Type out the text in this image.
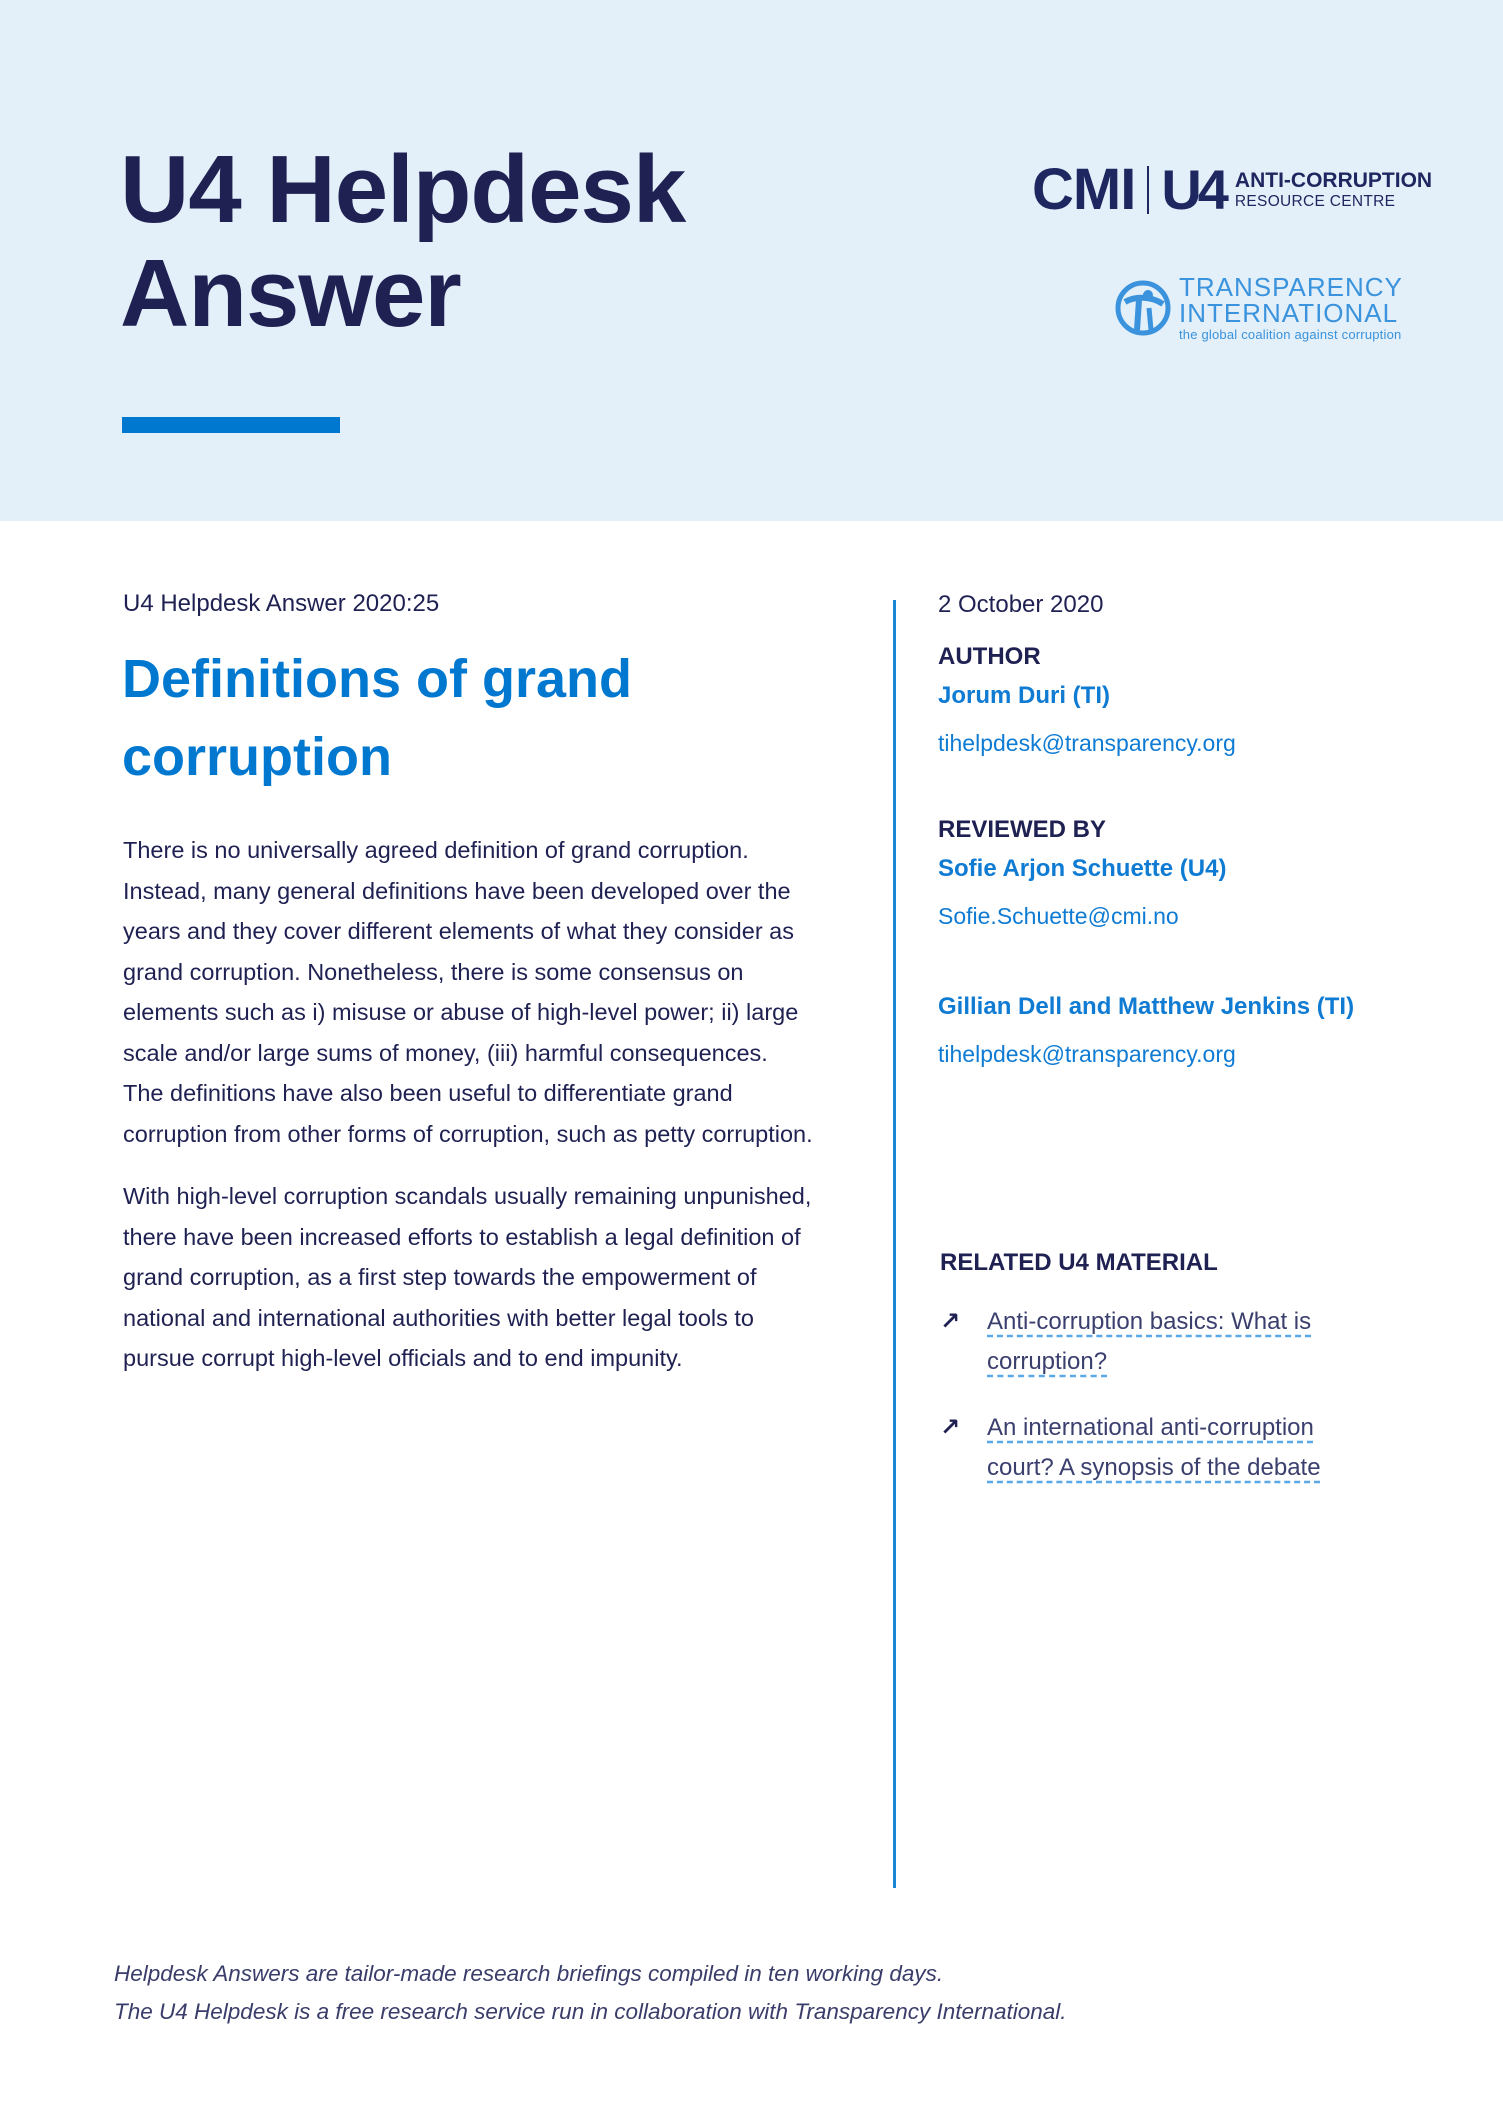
U4 Helpdesk
Answer
CMI U4 ANTI-CORRUPTION
RESOURCE CENTRE
TRANSPARENCY
INTERNATIONAL
the global coalition against corruption
U4 Helpdesk Answer 2020:25
Definitions of grand corruption

There is no universally agreed definition of grand corruption. Instead, many general definitions have been developed over the years and they cover different elements of what they consider as grand corruption. Nonetheless, there is some consensus on elements such as i) misuse or abuse of high-level power; ii) large scale and/or large sums of money, (iii) harmful consequences. The definitions have also been useful to differentiate grand corruption from other forms of corruption, such as petty corruption.

With high-level corruption scandals usually remaining unpunished, there have been increased efforts to establish a legal definition of grand corruption, as a first step towards the empowerment of national and international authorities with better legal tools to pursue corrupt high-level officials and to end impunity.

2 October 2020
AUTHOR
Jorum Duri (TI)
tihelpdesk@transparency.org
REVIEWED BY
Sofie Arjon Schuette (U4)
Sofie.Schuette@cmi.no
Gillian Dell and Matthew Jenkins (TI)
tihelpdesk@transparency.org
RELATED U4 MATERIAL
↗	Anti-corruption basics: What is corruption?
↗	An international anti-corruption court? A synopsis of the debate
Helpdesk Answers are tailor-made research briefings compiled in ten working days.
The U4 Helpdesk is a free research service run in collaboration with Transparency International.
